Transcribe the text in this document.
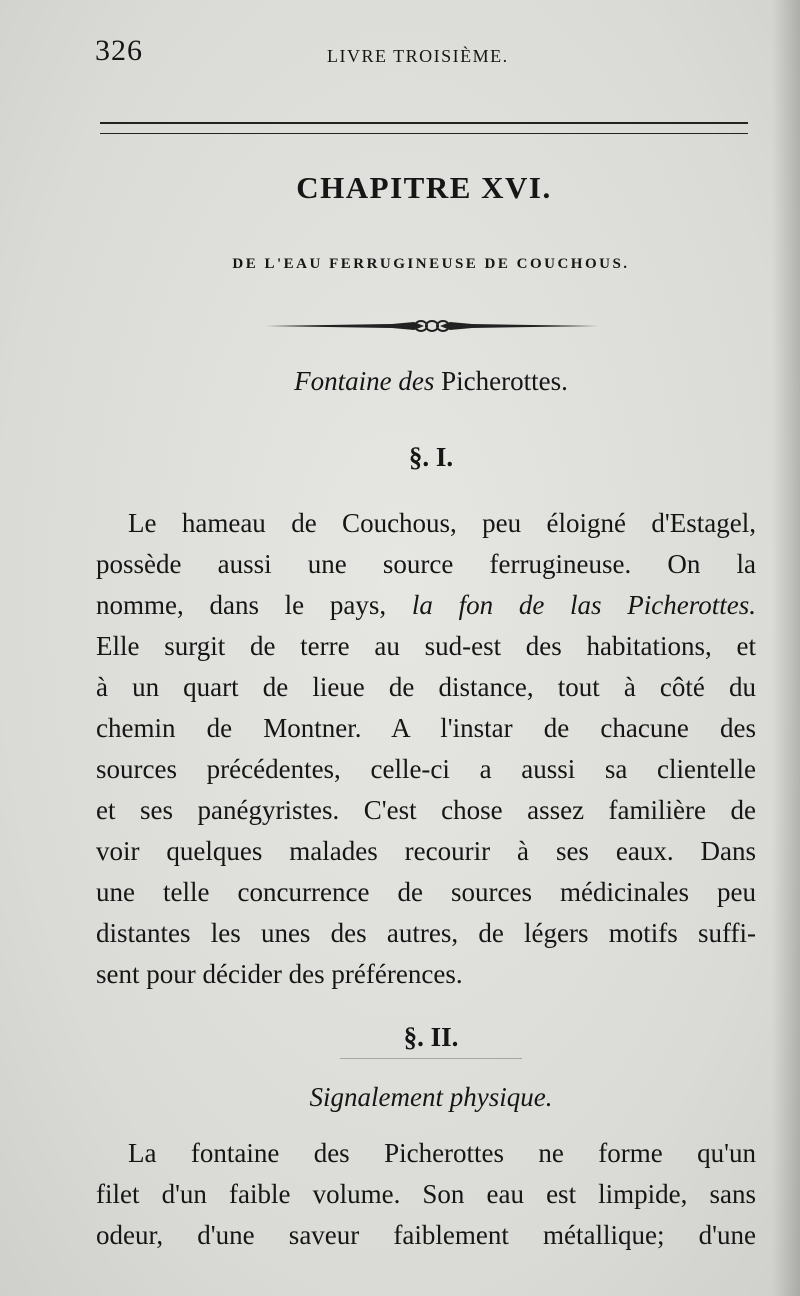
326	LIVRE TROISIÈME.
CHAPITRE XVI.
DE L'EAU FERRUGINEUSE DE COUCHOUS.
Fontaine des Picherottes.
§. I.
Le hameau de Couchous, peu éloigné d'Estagel,
possède aussi une source ferrugineuse. On la
nomme, dans le pays, la fon de las Picherottes.
Elle surgit de terre au sud-est des habitations, et
à un quart de lieue de distance, tout à côté du
chemin de Montner. A l'instar de chacune des
sources précédentes, celle-ci a aussi sa clientelle
et ses panégyristes. C'est chose assez familière de
voir quelques malades recourir à ses eaux. Dans
une telle concurrence de sources médicinales peu
distantes les unes des autres, de légers motifs suffi-
sent pour décider des préférences.
§. II.
Signalement physique.
La fontaine des Picherottes ne forme qu'un
filet d'un faible volume. Son eau est limpide, sans
odeur, d'une saveur faiblement métallique; d'une
